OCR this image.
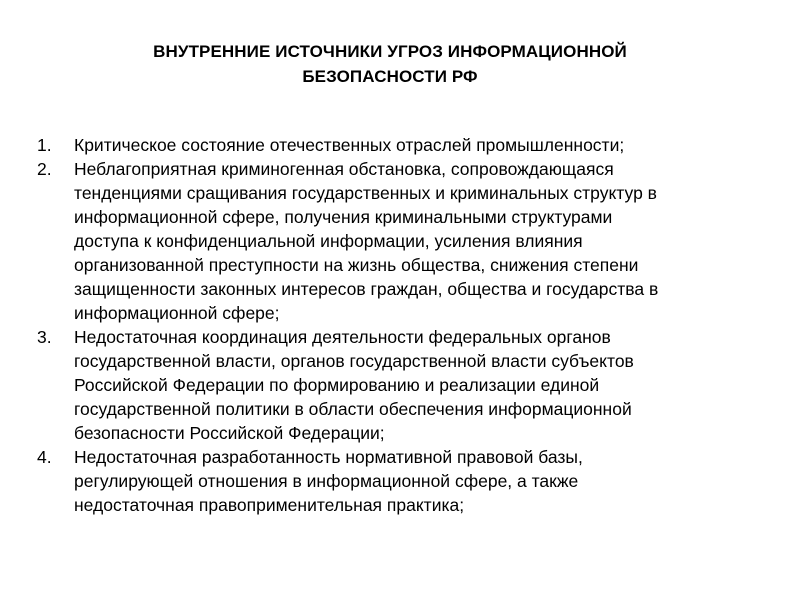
ВНУТРЕННИЕ ИСТОЧНИКИ УГРОЗ ИНФОРМАЦИОННОЙ
БЕЗОПАСНОСТИ РФ
1. Критическое состояние отечественных отраслей промышленности;
2. Неблагоприятная криминогенная обстановка, сопровождающаяся
тенденциями сращивания государственных и криминальных структур в
информационной сфере, получения криминальными структурами
доступа к конфиденциальной информации, усиления влияния
организованной преступности на жизнь общества, снижения степени
защищенности законных интересов граждан, общества и государства в
информационной сфере;
3. Недостаточная координация деятельности федеральных органов
государственной власти, органов государственной власти субъектов
Российской Федерации по формированию и реализации единой
государственной политики в области обеспечения информационной
безопасности Российской Федерации;
4. Недостаточная разработанность нормативной правовой базы,
регулирующей отношения в информационной сфере, а также
недостаточная правоприменительная практика;
